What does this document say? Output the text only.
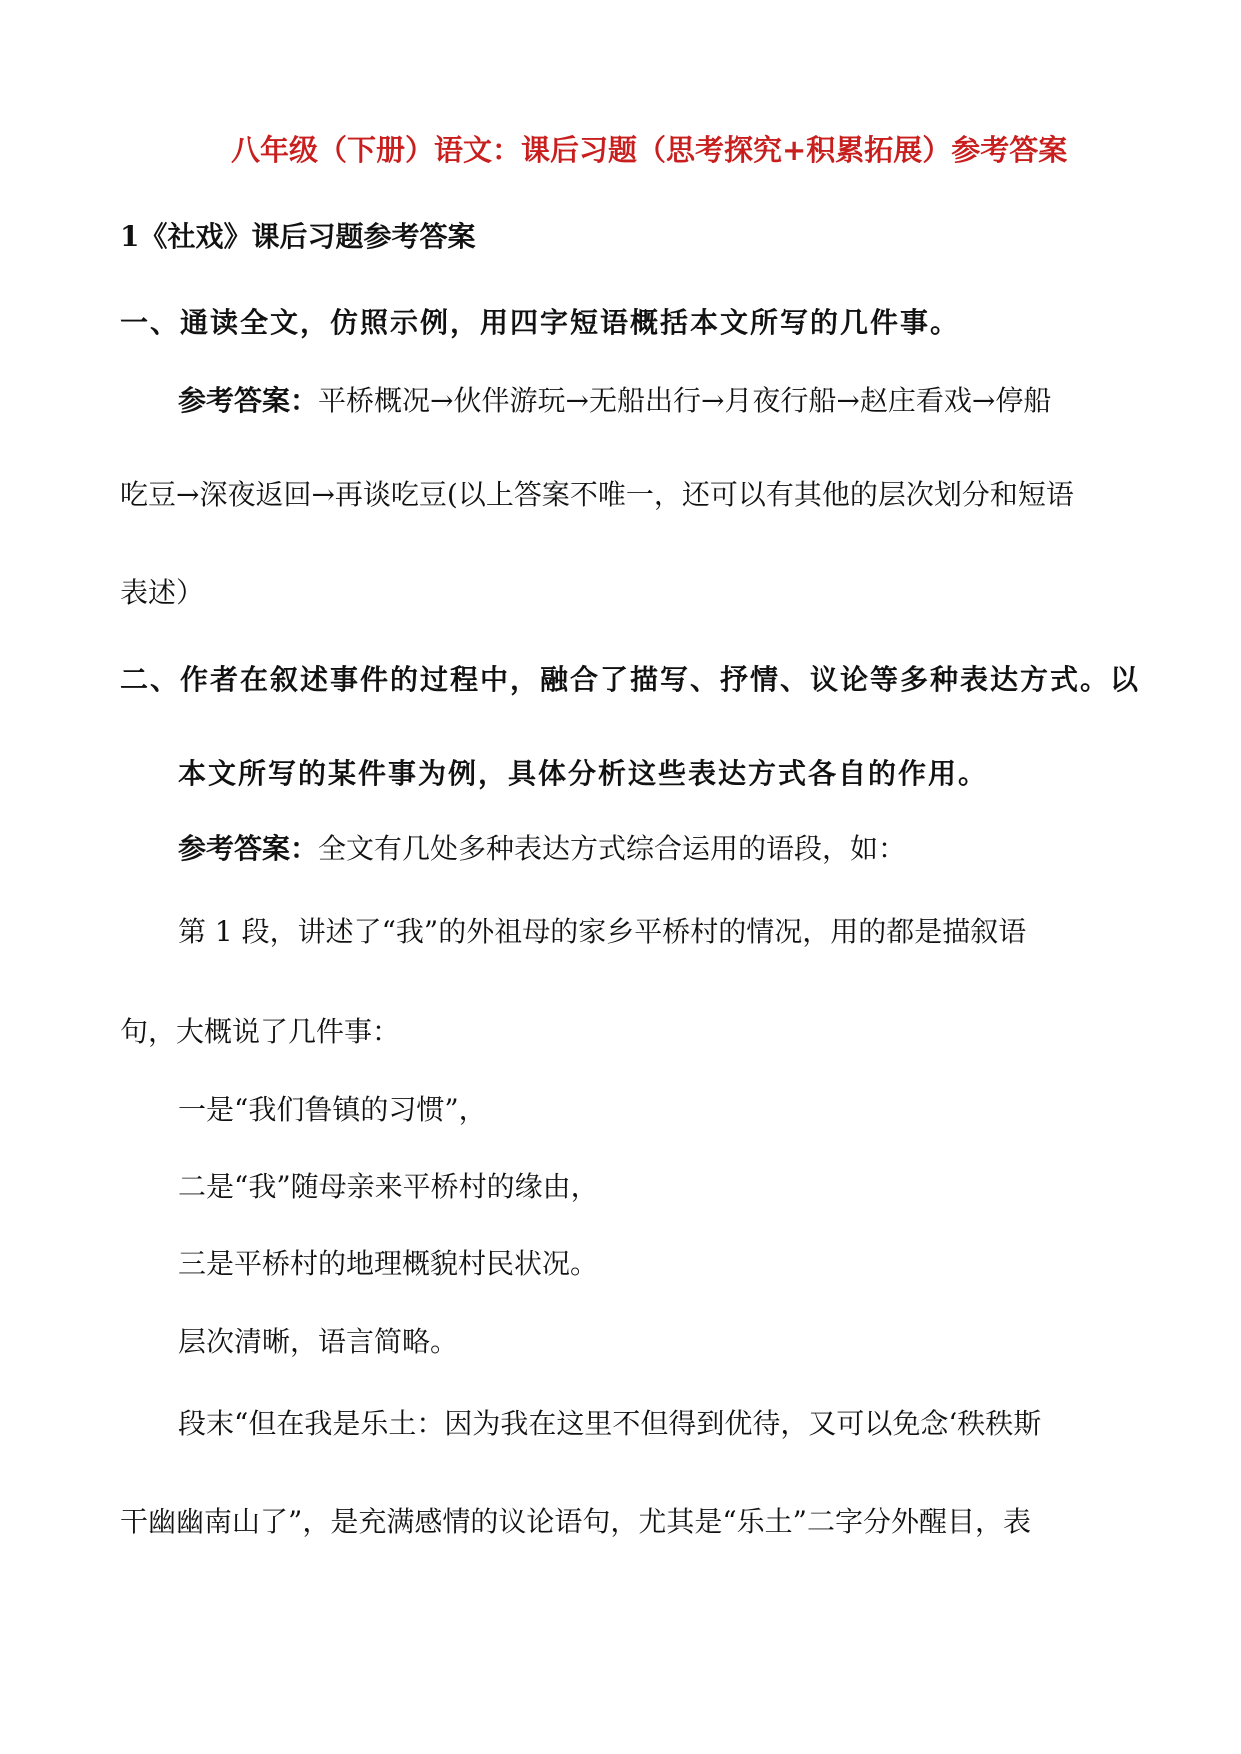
八年级（下册）语文：课后习题（思考探究+积累拓展）参考答案

1《社戏》课后习题参考答案

一、通读全文，仿照示例，用四字短语概括本文所写的几件事。

参考答案：平桥概况→伙伴游玩→无船出行→月夜行船→赵庄看戏→停船

吃豆→深夜返回→再谈吃豆(以上答案不唯一，还可以有其他的层次划分和短语

表述）

二、作者在叙述事件的过程中，融合了描写、抒情、议论等多种表达方式。以

本文所写的某件事为例，具体分析这些表达方式各自的作用。

参考答案：全文有几处多种表达方式综合运用的语段，如：

第 1 段，讲述了“我”的外祖母的家乡平桥村的情况，用的都是描叙语

句，大概说了几件事：

一是“我们鲁镇的习惯”，

二是“我”随母亲来平桥村的缘由，

三是平桥村的地理概貌村民状况。

层次清晰，语言简略。

段末“但在我是乐土：因为我在这里不但得到优待，又可以免念‘秩秩斯

干幽幽南山了”，是充满感情的议论语句，尤其是“乐土”二字分外醒目，表
